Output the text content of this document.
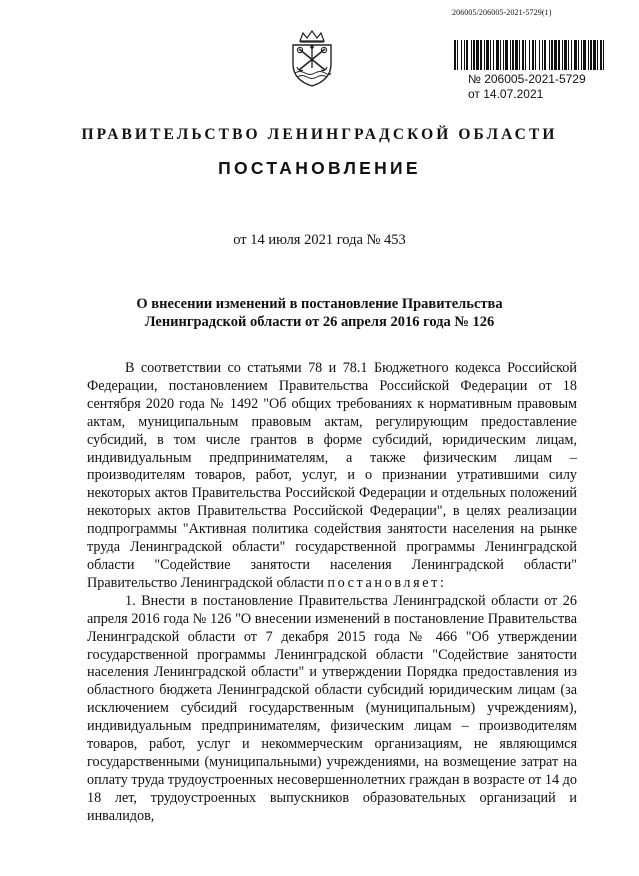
206005/206005-2021-5729(1)
№ 206005-2021-5729
от 14.07.2021
ПРАВИТЕЛЬСТВО ЛЕНИНГРАДСКОЙ ОБЛАСТИ
ПОСТАНОВЛЕНИЕ
от 14 июля 2021 года № 453
О внесении изменений в постановление Правительства
Ленинградской области от 26 апреля 2016 года № 126

В соответствии со статьями 78 и 78.1 Бюджетного кодекса Российской Федерации, постановлением Правительства Российской Федерации от 18 сентября 2020 года № 1492 "Об общих требованиях к нормативным правовым актам, муниципальным правовым актам, регулирующим предоставление субсидий, в том числе грантов в форме субсидий, юридическим лицам, индивидуальным предпринимателям, а также физическим лицам – производителям товаров, работ, услуг, и о признании утратившими силу некоторых актов Правительства Российской Федерации и отдельных положений некоторых актов Правительства Российской Федерации", в целях реализации подпрограммы "Активная политика содействия занятости населения на рынке труда Ленинградской области" государственной программы Ленинградской области "Содействие занятости населения Ленинградской области" Правительство Ленинградской области постановляет:

1. Внести в постановление Правительства Ленинградской области от 26 апреля 2016 года № 126 "О внесении изменений в постановление Правительства Ленинградской области от 7 декабря 2015 года № 466 "Об утверждении государственной программы Ленинградской области "Содействие занятости населения Ленинградской области" и утверждении Порядка предоставления из областного бюджета Ленинградской области субсидий юридическим лицам (за исключением субсидий государственным (муниципальным) учреждениям), индивидуальным предпринимателям, физическим лицам – производителям товаров, работ, услуг и некоммерческим организациям, не являющимся государственными (муниципальными) учреждениями, на возмещение затрат на оплату труда трудоустроенных несовершеннолетних граждан в возрасте от 14 до 18 лет, трудоустроенных выпускников образовательных организаций и инвалидов,
